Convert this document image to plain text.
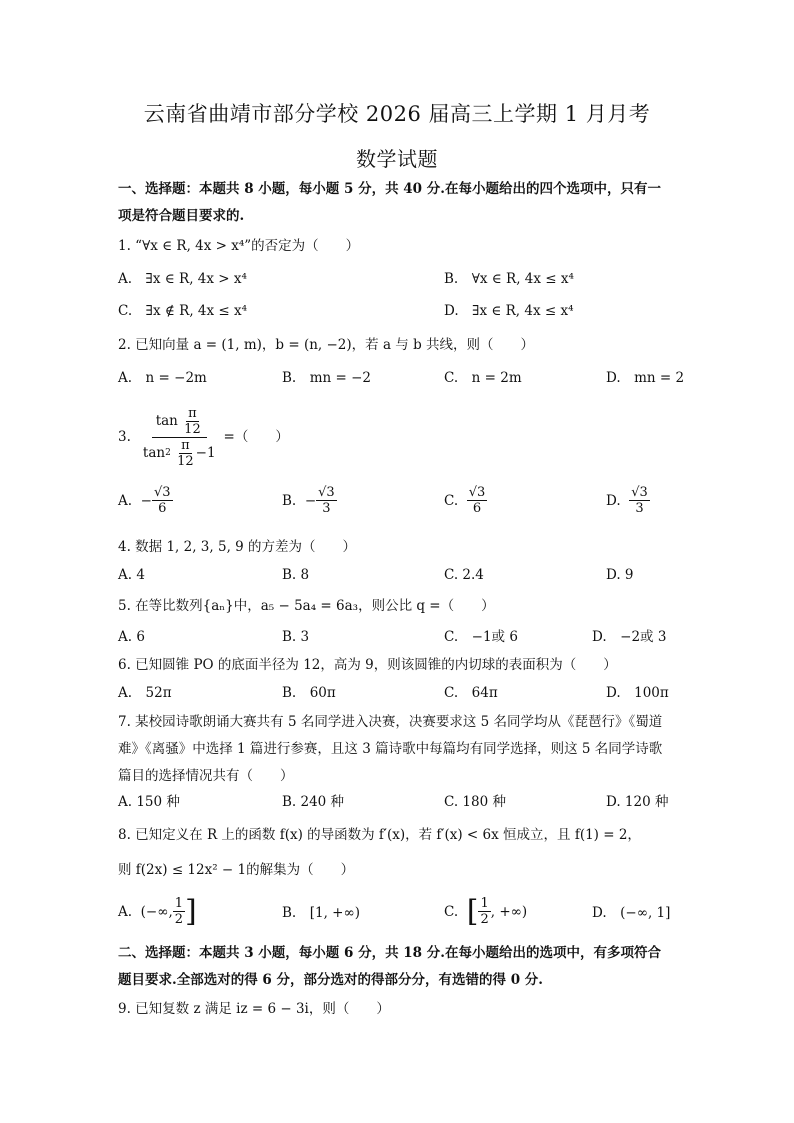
云南省曲靖市部分学校 2026 届高三上学期 1 月月考
数学试题
一、选择题：本题共 8 小题，每小题 5 分，共 40 分.在每小题给出的四个选项中，只有一
项是符合题目要求的.
1. “∀x ∈ R, 4x > x⁴”的否定为（　　）
A.　∃x ∈ R, 4x > x⁴	B.　∀x ∈ R, 4x ≤ x⁴
C.　∃x ∉ R, 4x ≤ x⁴	D.　∃x ∈ R, 4x ≤ x⁴
2. 已知向量 a = (1, m)，b = (n, −2)，若 a 与 b 共线，则（　　）
A.　n = −2m	B.　mn = −2	C.　n = 2m	D.　mn = 2
3. tan
$\frac{\pi}{12}$
tan 2
$\frac{\pi}{12} -1$ =（　　）
A.
− $\frac{√3}{6}$	B.
− $\frac{√3}{3}$	C.
$\frac{√3}{6}$	D.
$\frac{√3}{3}$
4. 数据 1, 2, 3, 5, 9 的方差为（　　）
A. 4	B. 8	C. 2.4	D. 9
5. 在等比数列{aₙ}中，a₅ − 5a₄ = 6a₃，则公比 q =（　　）
A. 6	B. 3	C.　−1或 6	D.　−2或 3
6. 已知圆锥 PO 的底面半径为 12，高为 9，则该圆锥的内切球的表面积为（　　）
A.　52π	B.　60π	C.　64π	D.　100π
7. 某校园诗歌朗诵大赛共有 5 名同学进入决赛，决赛要求这 5 名同学均从《琵琶行》《蜀道
难》《离骚》中选择 1 篇进行参赛，且这 3 篇诗歌中每篇均有同学选择，则这 5 名同学诗歌
篇目的选择情况共有（　　）
A. 150 种	B. 240 种	C. 180 种	D. 120 种
8. 已知定义在 R 上的函数 f(x) 的导函数为 f′(x)，若 f′(x) < 6x 恒成立，且 f(1) = 2，
则 f(2x) ≤ 12x² − 1的解集为（　　）
A.
(−∞, $\frac{1}{2}$ ]	B.　[1, +∞)	C.
[ $\frac{1}{2}$ , +∞)	D.　(−∞, 1]
二、选择题：本题共 3 小题，每小题 6 分，共 18 分.在每小题给出的选项中，有多项符合
题目要求.全部选对的得 6 分，部分选对的得部分分，有选错的得 0 分.
9. 已知复数 z 满足 iz = 6 − 3i，则（　　）
